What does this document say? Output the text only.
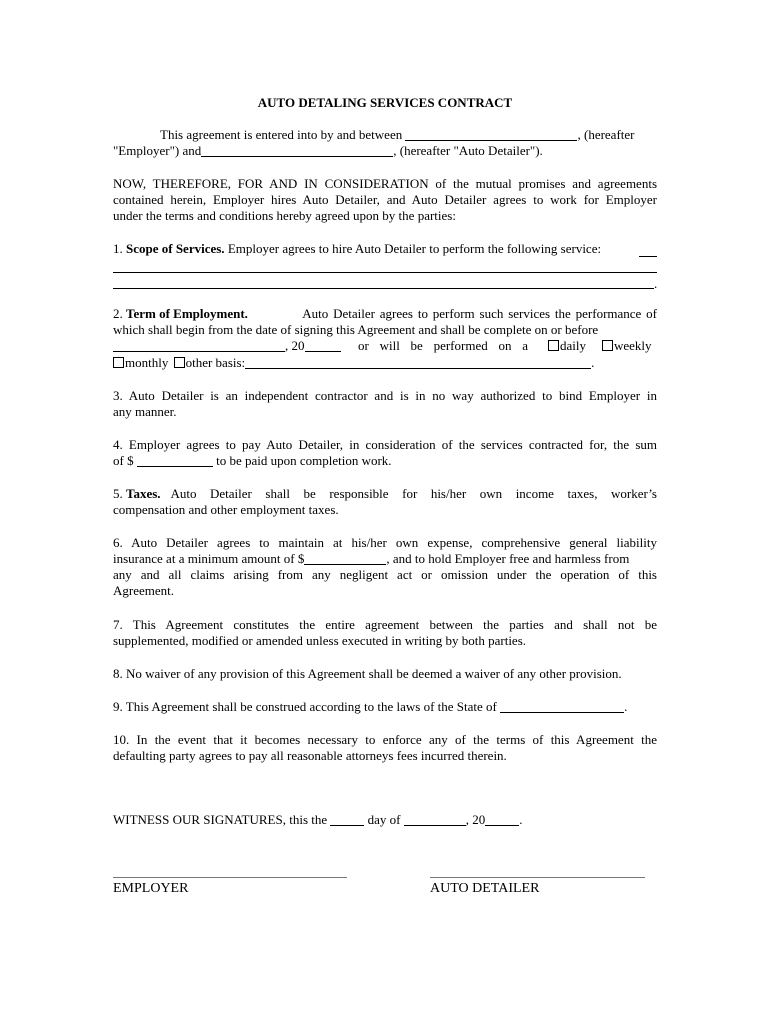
AUTO DETALING SERVICES CONTRACT
This agreement is entered into by and between	, (hereafter
"Employer") and	, (hereafter "Auto Detailer").
NOW, THEREFORE, FOR AND IN CONSIDERATION of the mutual promises and agreements
contained herein, Employer hires Auto Detailer, and Auto Detailer agrees to work for Employer
under the terms and conditions hereby agreed upon by the parties:
1. Scope of Services. Employer agrees to hire Auto Detailer to perform the following service:
.
2. Term of Employment.	Auto Detailer agrees to perform such services the performance of
which shall begin from the date of signing this Agreement and shall be complete on or before
, 20	or will be performed on a	daily	weekly
monthly other basis:	.
3. Auto Detailer is an independent contractor and is in no way authorized to bind Employer in
any manner.
4. Employer agrees to pay Auto Detailer, in consideration of the services contracted for, the sum
of $	to be paid upon completion work.
5. Taxes. Auto Detailer shall be responsible for his/her own income taxes, worker’s
compensation and other employment taxes.
6. Auto Detailer agrees to maintain at his/her own expense, comprehensive general liability
insurance at a minimum amount of $	, and to hold Employer free and harmless from
any and all claims arising from any negligent act or omission under the operation of this
Agreement.
7. This Agreement constitutes the entire agreement between the parties and shall not be
supplemented, modified or amended unless executed in writing by both parties.
8. No waiver of any provision of this Agreement shall be deemed a waiver of any other provision.
9. This Agreement shall be construed according to the laws of the State of	.
10. In the event that it becomes necessary to enforce any of the terms of this Agreement the
defaulting party agrees to pay all reasonable attorneys fees incurred therein.
WITNESS OUR SIGNATURES, this the	day of	, 20	.
EMPLOYER	AUTO DETAILER
